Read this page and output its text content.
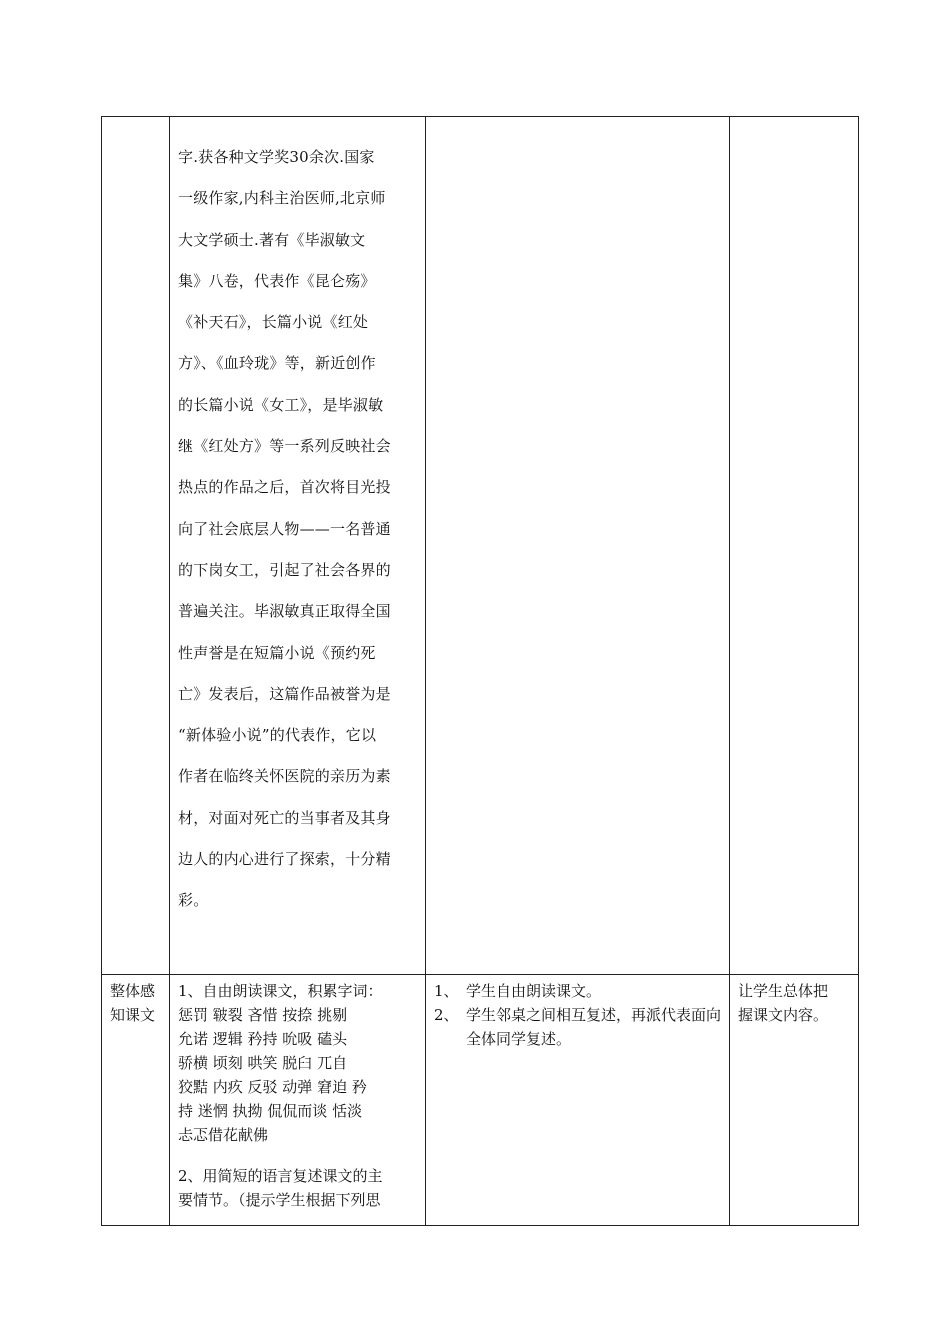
字.获各种文学奖30余次.国家
一级作家,内科主治医师,北京师
大文学硕士.著有《毕淑敏文
集》八卷，代表作《昆仑殇》
《补天石》，长篇小说《红处
方》、《血玲珑》等，新近创作
的长篇小说《女工》，是毕淑敏
继《红处方》等一系列反映社会
热点的作品之后，首次将目光投
向了社会底层人物——一名普通
的下岗女工，引起了社会各界的
普遍关注。毕淑敏真正取得全国
性声誉是在短篇小说《预约死
亡》发表后，这篇作品被誉为是
“新体验小说”的代表作，它以
作者在临终关怀医院的亲历为素
材，对面对死亡的当事者及其身
边人的内心进行了探索，十分精
彩。
整体感
知课文
1、自由朗读课文，积累字词：
惩罚 皲裂 吝惜 按捺 挑剔
允诺 逻辑 矜持 吮吸 磕头
骄横 顷刻 哄笑 脱臼 兀自
狡黠 内疚 反驳 动弹 窘迫 矜
持 迷惘 执拗 侃侃而谈 恬淡
忐忑借花献佛
2、用简短的语言复述课文的主
要情节。（提示学生根据下列思
1、 学生自由朗读课文。
2、 学生邻桌之间相互复述，再派代表面向全体同学复述。
让学生总体把
握课文内容。
